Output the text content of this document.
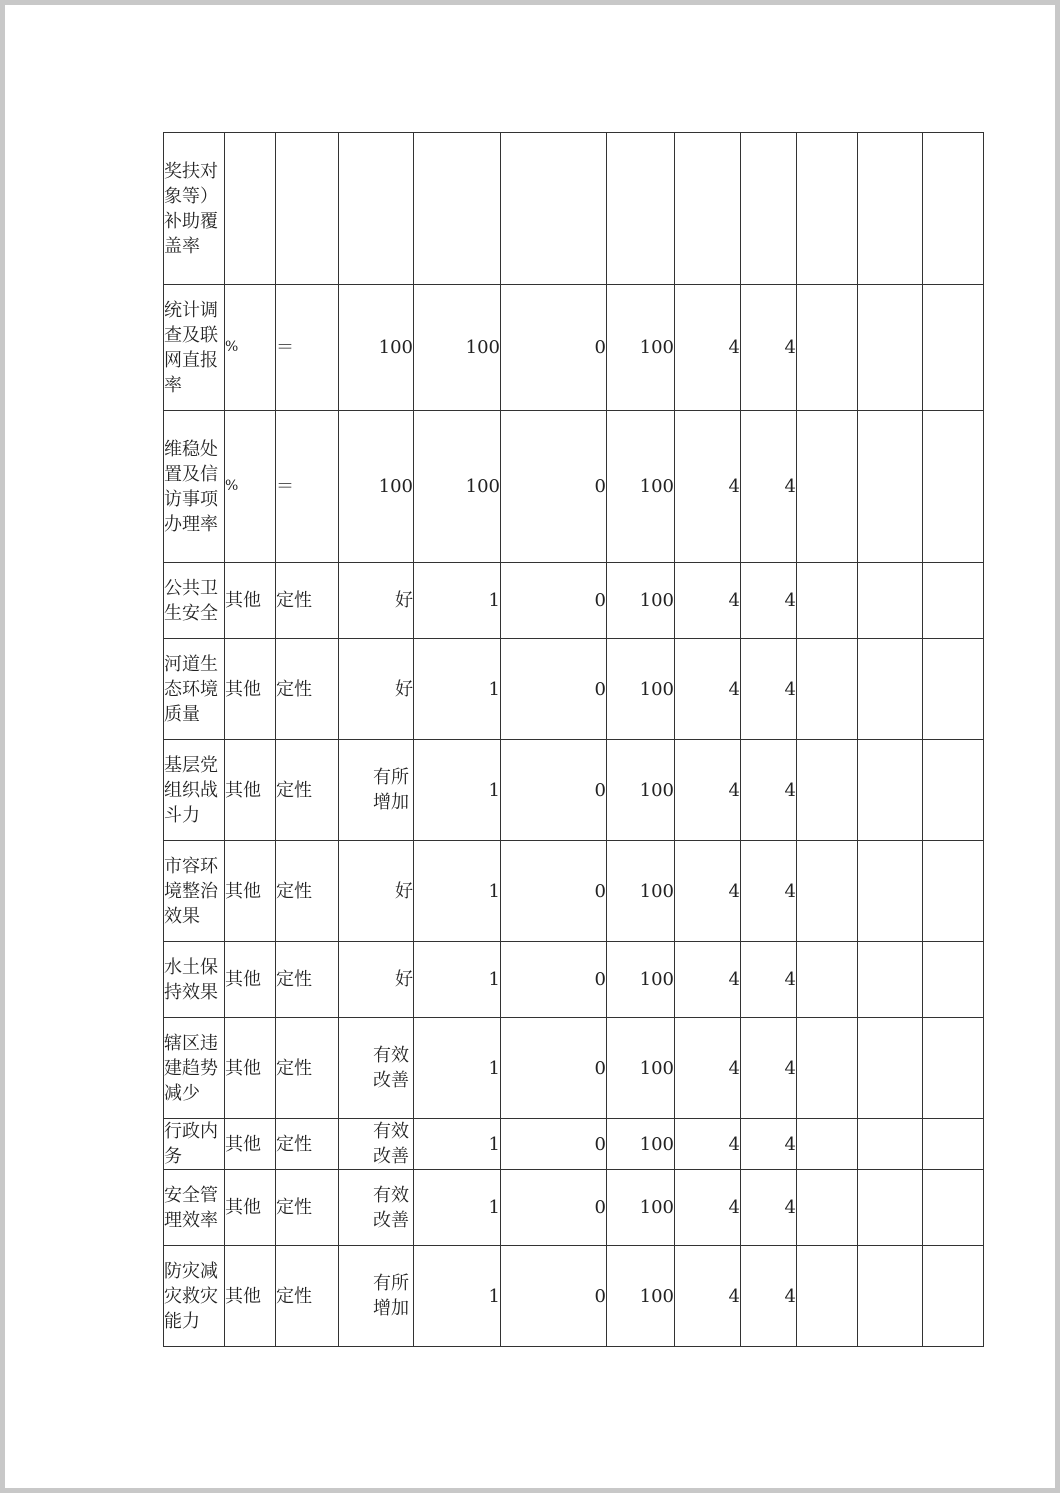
奖扶对象等）补助覆盖率											
统计调查及联网直报率	%	＝	100	100	0	100	4	4			
维稳处置及信访事项办理率	%	＝	100	100	0	100	4	4			
公共卫生安全	其他	定性	好	1	0	100	4	4			
河道生态环境质量	其他	定性	好	1	0	100	4	4			
基层党组织战斗力	其他	定性	有所增加	1	0	100	4	4			
市容环境整治效果	其他	定性	好	1	0	100	4	4			
水土保持效果	其他	定性	好	1	0	100	4	4			
辖区违建趋势减少	其他	定性	有效改善	1	0	100	4	4			
行政内务	其他	定性	有效改善	1	0	100	4	4			
安全管理效率	其他	定性	有效改善	1	0	100	4	4			
防灾减灾救灾能力	其他	定性	有所增加	1	0	100	4	4			
